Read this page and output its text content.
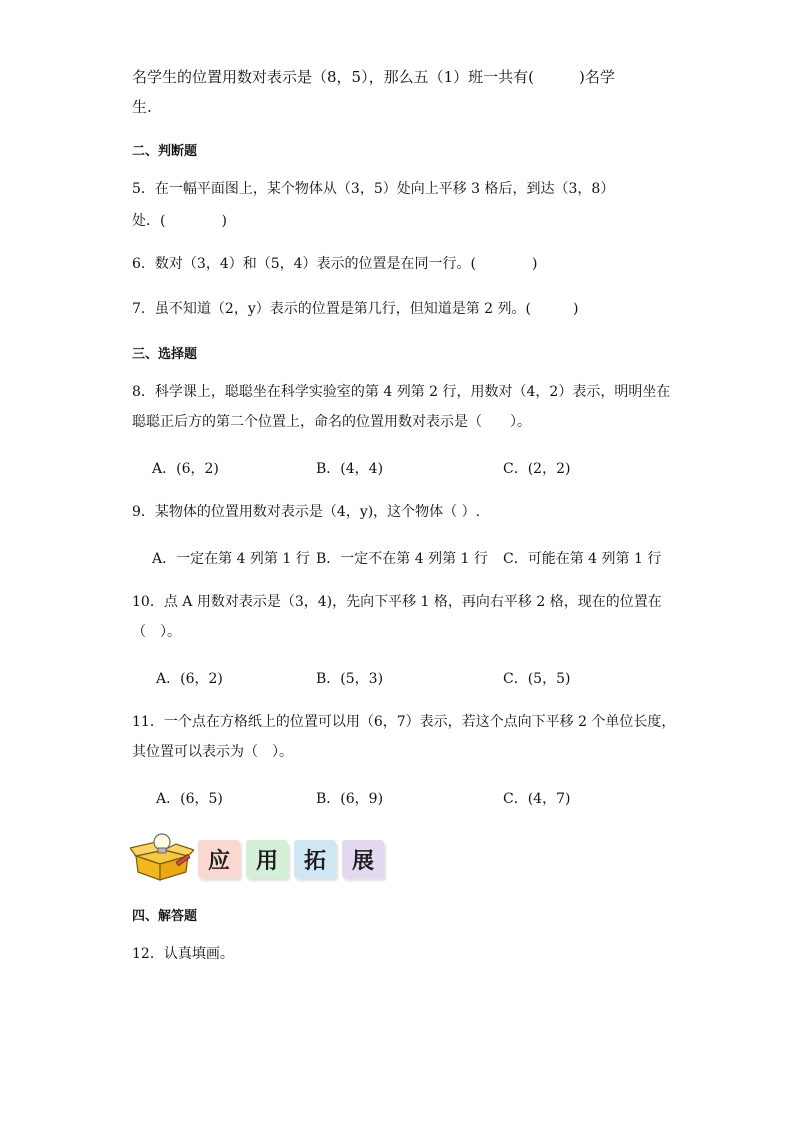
名学生的位置用数对表示是（8，5），那么五（1）班一共有(　　　)名学
生.
二、判断题
5．在一幅平面图上，某个物体从（3，5）处向上平移 3 格后，到达（3，8）
处．(　　　　)
6．数对（3，4）和（5，4）表示的位置是在同一行。(　　　　)
7．虽不知道（2，y）表示的位置是第几行，但知道是第 2 列。(　　　)
三、选择题
8．科学课上，聪聪坐在科学实验室的第 4 列第 2 行，用数对（4，2）表示，明明坐在
聪聪正后方的第二个位置上，命名的位置用数对表示是（　　）。
A．(6，2)	B．(4，4)	C．(2，2)
9．某物体的位置用数对表示是（4，y)，这个物体（ ）.
A．一定在第 4 列第 1 行 B．一定不在第 4 列第 1 行 C．可能在第 4 列第 1 行
10．点 A 用数对表示是（3，4)，先向下平移 1 格，再向右平移 2 格，现在的位置在
（　）。
A．(6，2)	B．(5，3)	C．(5，5)
11．一个点在方格纸上的位置可以用（6，7）表示，若这个点向下平移 2 个单位长度，
其位置可以表示为（　）。
A．(6，5)	B．(6，9)	C．(4，7)
应	用	拓	展
四、解答题
12．认真填画。
